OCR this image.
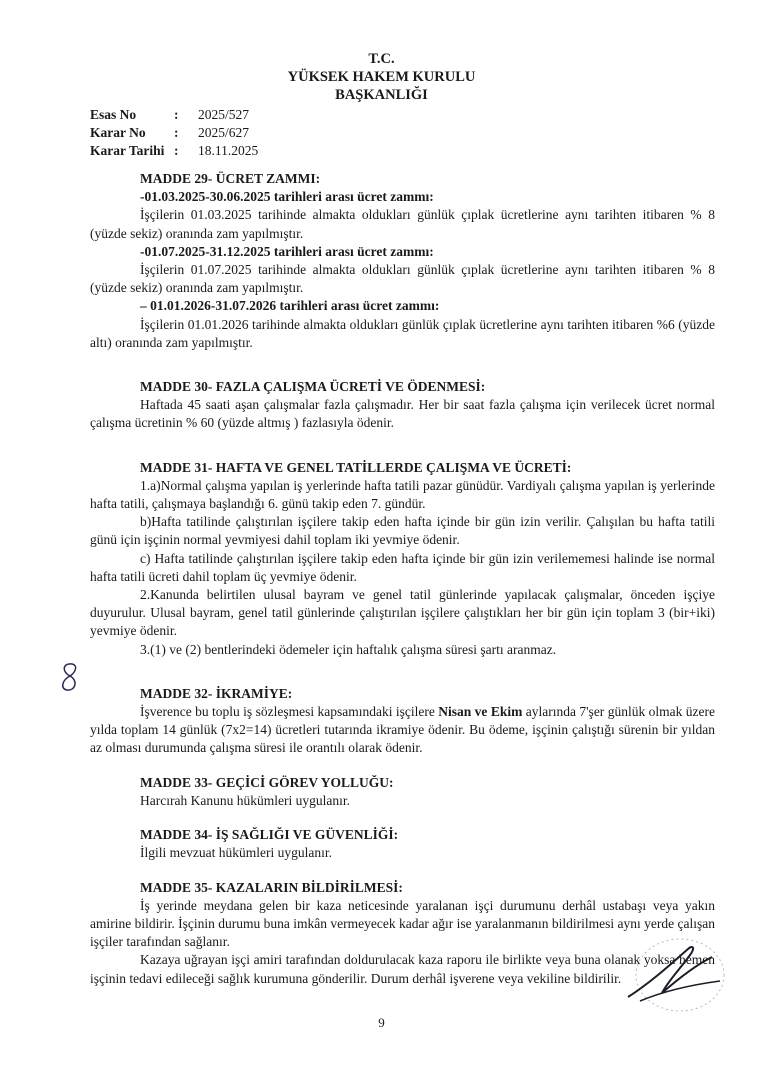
T.C.
YÜKSEK HAKEM KURULU
BAŞKANLIĞI
Esas No	:	2025/527
Karar No	:	2025/627
Karar Tarihi :	18.11.2025
MADDE 29- ÜCRET ZAMMI:
-01.03.2025-30.06.2025 tarihleri arası ücret zammı:
İşçilerin 01.03.2025 tarihinde almakta oldukları günlük çıplak ücretlerine aynı tarihten itibaren % 8 (yüzde sekiz) oranında zam yapılmıştır.
-01.07.2025-31.12.2025 tarihleri arası ücret zammı:
İşçilerin 01.07.2025 tarihinde almakta oldukları günlük çıplak ücretlerine aynı tarihten itibaren % 8 (yüzde sekiz) oranında zam yapılmıştır.
– 01.01.2026-31.07.2026 tarihleri arası ücret zammı:
İşçilerin 01.01.2026 tarihinde almakta oldukları günlük çıplak ücretlerine aynı tarihten itibaren %6 (yüzde altı) oranında zam yapılmıştır.
MADDE 30- FAZLA ÇALIŞMA ÜCRETİ VE ÖDENMESİ:
Haftada 45 saati aşan çalışmalar fazla çalışmadır. Her bir saat fazla çalışma için verilecek ücret normal çalışma ücretinin % 60 (yüzde altmış ) fazlasıyla ödenir.
MADDE 31- HAFTA VE GENEL TATİLLERDE ÇALIŞMA VE ÜCRETİ:
1.a)Normal çalışma yapılan iş yerlerinde hafta tatili pazar günüdür. Vardiyalı çalışma yapılan iş yerlerinde hafta tatili, çalışmaya başlandığı 6. günü takip eden 7. gündür.
b)Hafta tatilinde çalıştırılan işçilere takip eden hafta içinde bir gün izin verilir. Çalışılan bu hafta tatili günü için işçinin normal yevmiyesi dahil toplam iki yevmiye ödenir.
c) Hafta tatilinde çalıştırılan işçilere takip eden hafta içinde bir gün izin verilememesi halinde ise normal hafta tatili ücreti dahil toplam üç yevmiye ödenir.
2.Kanunda belirtilen ulusal bayram ve genel tatil günlerinde yapılacak çalışmalar, önceden işçiye duyurulur. Ulusal bayram, genel tatil günlerinde çalıştırılan işçilere çalıştıkları her bir gün için toplam 3 (bir+iki) yevmiye ödenir.
3.(1) ve (2) bentlerindeki ödemeler için haftalık çalışma süresi şartı aranmaz.
MADDE 32- İKRAMİYE:
İşverence bu toplu iş sözleşmesi kapsamındaki işçilere Nisan ve Ekim aylarında 7'şer günlük olmak üzere yılda toplam 14 günlük (7x2=14) ücretleri tutarında ikramiye ödenir. Bu ödeme, işçinin çalıştığı sürenin bir yıldan az olması durumunda çalışma süresi ile orantılı olarak ödenir.
MADDE 33- GEÇİCİ GÖREV YOLLUĞU:
Harcırah Kanunu hükümleri uygulanır.
MADDE 34- İŞ SAĞLIĞI VE GÜVENLİĞİ:
İlgili mevzuat hükümleri uygulanır.
MADDE 35- KAZALARIN BİLDİRİLMESİ:
İş yerinde meydana gelen bir kaza neticesinde yaralanan işçi durumunu derhâl ustabaşı veya yakın amirine bildirir. İşçinin durumu buna imkân vermeyecek kadar ağır ise yaralanmanın bildirilmesi aynı yerde çalışan işçiler tarafından sağlanır.
Kazaya uğrayan işçi amiri tarafından doldurulacak kaza raporu ile birlikte veya buna olanak yoksa hemen işçinin tedavi edileceği sağlık kurumuna gönderilir. Durum derhâl işverene veya vekiline bildirilir.
8
9
